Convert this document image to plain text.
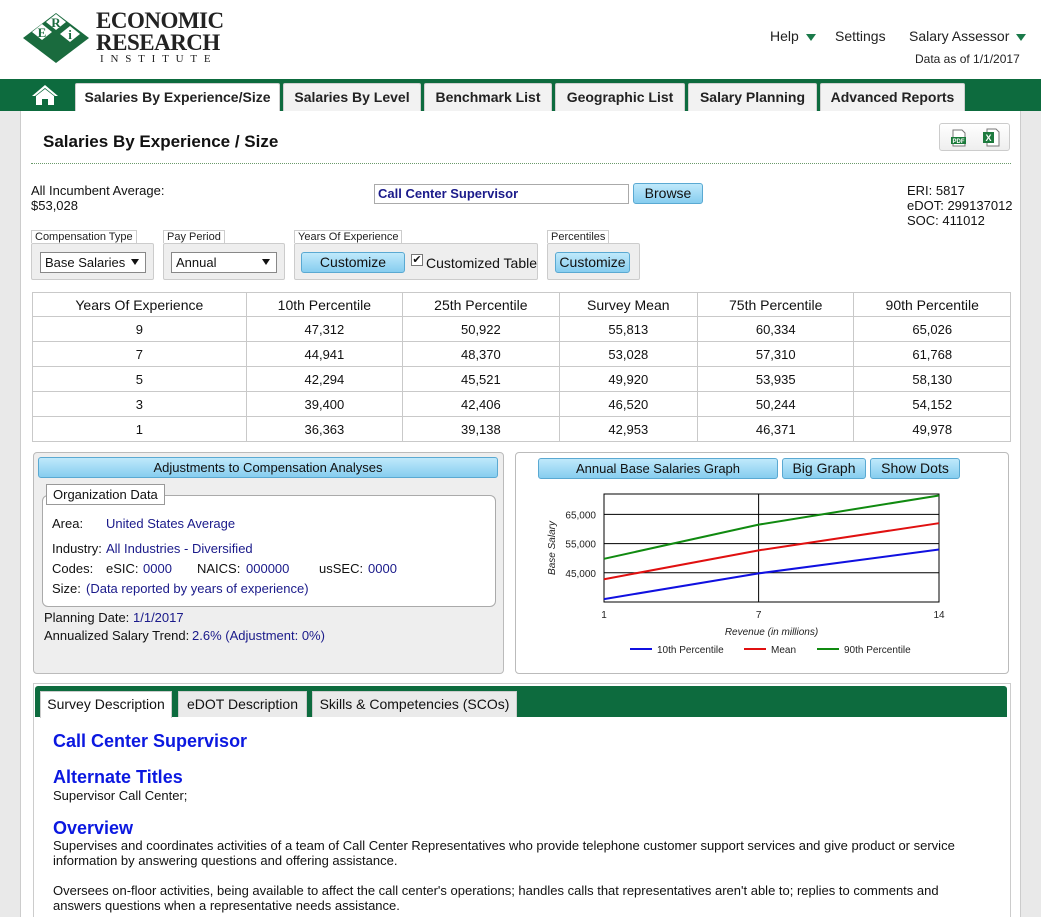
E
R
i
ECONOMIC
RESEARCH
INSTITUTE
Help	Settings Salary Assessor
Data as of 1/1/2017
Salaries By Experience/Size	Salaries By Level	Benchmark List	Geographic List	Salary Planning	Advanced Reports
Salaries By Experience / Size	PDF X
All Incumbent Average:
$53,028
Call Center Supervisor	Browse	ERI: 5817
eDOT: 299137012
SOC: 411012
Compensation Type
Base Salaries
Pay Period
Annual
Years Of Experience
Customize	✔ Customized Table
Percentiles
Customize
Years Of Experience	10th Percentile	25th Percentile	Survey Mean	75th Percentile	90th Percentile
9	47,312	50,922	55,813	60,334	65,026
7	44,941	48,370	53,028	57,310	61,768
5	42,294	45,521	49,920	53,935	58,130
3	39,400	42,406	46,520	50,244	54,152
1	36,363	39,138	42,953	46,371	49,978
Adjustments to Compensation Analyses
Organization Data
Area: United States Average
Industry: All Industries - Diversified
Codes: eSIC: 0000 NAICS: 000000 usSEC: 0000
Size: (Data reported by years of experience)
Planning Date: 1/1/2017
Annualized Salary Trend: 2.6% (Adjustment: 0%)
Annual Base Salaries Graph	Big Graph	Show Dots
45,000
55,000
65,000
1	7	14
Revenue (in millions)
Base Salary
10th Percentile	Mean	90th Percentile
Survey Description	eDOT Description	Skills & Competencies (SCOs)
Call Center Supervisor
Alternate Titles
Supervisor Call Center;
Overview
Supervises and coordinates activities of a team of Call Center Representatives who provide telephone customer support services and give product or service information by answering questions and offering assistance.
Oversees on-floor activities, being available to affect the call center's operations; handles calls that representatives aren't able to; replies to comments and answers questions when a representative needs assistance.
